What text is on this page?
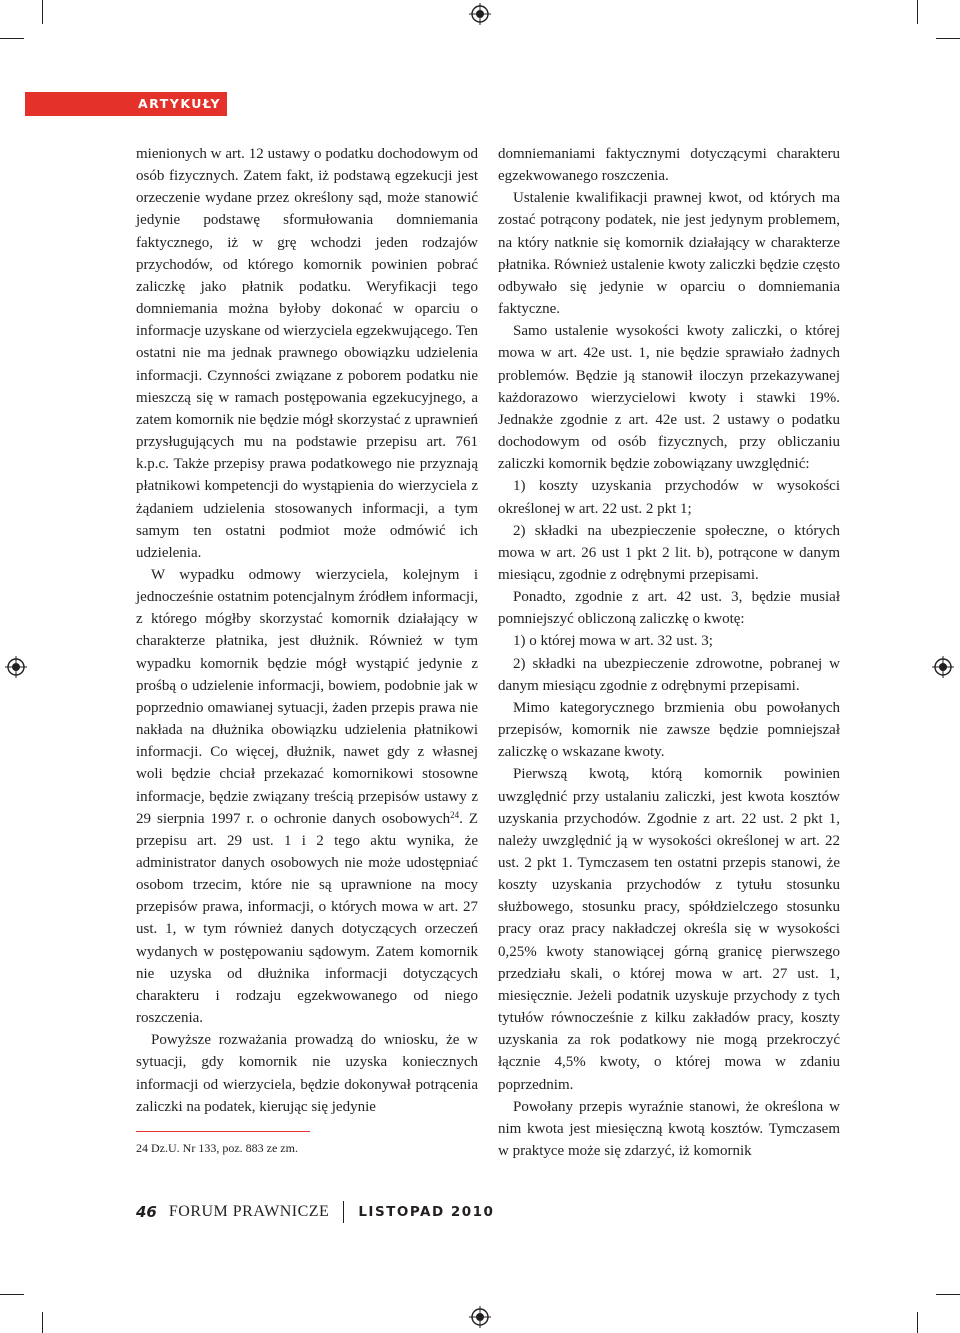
ARTYKUŁY

mienionych w art. 12 ustawy o podatku dochodowym od osób fizycznych. Zatem fakt, iż podstawą egzekucji jest orzeczenie wydane przez określony sąd, może stanowić jedynie podstawę sformułowania domniemania faktycznego, iż w grę wchodzi jeden rodzajów przychodów, od którego komornik powinien pobrać zaliczkę jako płatnik podatku. Weryfikacji tego domniemania można byłoby dokonać w oparciu o informacje uzyskane od wierzyciela egzekwującego. Ten ostatni nie ma jednak prawnego obowiązku udzielenia informacji. Czynności związane z poborem podatku nie mieszczą się w ramach postępowania egzekucyjnego, a zatem komornik nie będzie mógł skorzystać z uprawnień przysługujących mu na podstawie przepisu art. 761 k.p.c. Także przepisy prawa podatkowego nie przyznają płatnikowi kompetencji do wystąpienia do wierzyciela z żądaniem udzielenia stosowanych informacji, a tym samym ten ostatni podmiot może odmówić ich udzielenia.

W wypadku odmowy wierzyciela, kolejnym i jednocześnie ostatnim potencjalnym źródłem informacji, z którego mógłby skorzystać komornik działający w charakterze płatnika, jest dłużnik. Również w tym wypadku komornik będzie mógł wystąpić jedynie z prośbą o udzielenie informacji, bowiem, podobnie jak w poprzednio omawianej sytuacji, żaden przepis prawa nie nakłada na dłużnika obowiązku udzielenia płatnikowi informacji. Co więcej, dłużnik, nawet gdy z własnej woli będzie chciał przekazać komornikowi stosowne informacje, będzie związany treścią przepisów ustawy z 29 sierpnia 1997 r. o ochronie danych osobowych$^{24}$. Z przepisu art. 29 ust. 1 i 2 tego aktu wynika, że administrator danych osobowych nie może udostępniać osobom trzecim, które nie są uprawnione na mocy przepisów prawa, informacji, o których mowa w art. 27 ust. 1, w tym również danych dotyczących orzeczeń wydanych w postępowaniu sądowym. Zatem komornik nie uzyska od dłużnika informacji dotyczących charakteru i rodzaju egzekwowanego od niego roszczenia.

Powyższe rozważania prowadzą do wniosku, że w sytuacji, gdy komornik nie uzyska koniecznych informacji od wierzyciela, będzie dokonywał potrącenia zaliczki na podatek, kierując się jedynie

domniemaniami faktycznymi dotyczącymi charakteru egzekwowanego roszczenia.

Ustalenie kwalifikacji prawnej kwot, od których ma zostać potrącony podatek, nie jest jedynym problemem, na który natknie się komornik działający w charakterze płatnika. Również ustalenie kwoty zaliczki będzie często odbywało się jedynie w oparciu o domniemania faktyczne.

Samo ustalenie wysokości kwoty zaliczki, o której mowa w art. 42e ust. 1, nie będzie sprawiało żadnych problemów. Będzie ją stanowił iloczyn przekazywanej każdorazowo wierzycielowi kwoty i stawki 19%. Jednakże zgodnie z art. 42e ust. 2 ustawy o podatku dochodowym od osób fizycznych, przy obliczaniu zaliczki komornik będzie zobowiązany uwzględnić:

1) koszty uzyskania przychodów w wysokości określonej w art. 22 ust. 2 pkt 1;

2) składki na ubezpieczenie społeczne, o których mowa w art. 26 ust 1 pkt 2 lit. b), potrącone w danym miesiącu, zgodnie z odrębnymi przepisami.

Ponadto, zgodnie z art. 42 ust. 3, będzie musiał pomniejszyć obliczoną zaliczkę o kwotę:

1) o której mowa w art. 32 ust. 3;

2) składki na ubezpieczenie zdrowotne, pobranej w danym miesiącu zgodnie z odrębnymi przepisami.

Mimo kategorycznego brzmienia obu powołanych przepisów, komornik nie zawsze będzie pomniejszał zaliczkę o wskazane kwoty.

Pierwszą kwotą, którą komornik powinien uwzględnić przy ustalaniu zaliczki, jest kwota kosztów uzyskania przychodów. Zgodnie z art. 22 ust. 2 pkt 1, należy uwzględnić ją w wysokości określonej w art. 22 ust. 2 pkt 1. Tymczasem ten ostatni przepis stanowi, że koszty uzyskania przychodów z tytułu stosunku służbowego, stosunku pracy, spółdzielczego stosunku pracy oraz pracy nakładczej określa się w wysokości 0,25% kwoty stanowiącej górną granicę pierwszego przedziału skali, o której mowa w art. 27 ust. 1, miesięcznie. Jeżeli podatnik uzyskuje przychody z tych tytułów równocześnie z kilku zakładów pracy, koszty uzyskania za rok podatkowy nie mogą przekroczyć łącznie 4,5% kwoty, o której mowa w zdaniu poprzednim.

Powołany przepis wyraźnie stanowi, że określona w nim kwota jest miesięczną kwotą kosztów. Tymczasem w praktyce może się zdarzyć, iż komornik

24 Dz.U. Nr 133, poz. 883 ze zm.
46 FORUM PRAWNICZE LISTOPAD 2010
